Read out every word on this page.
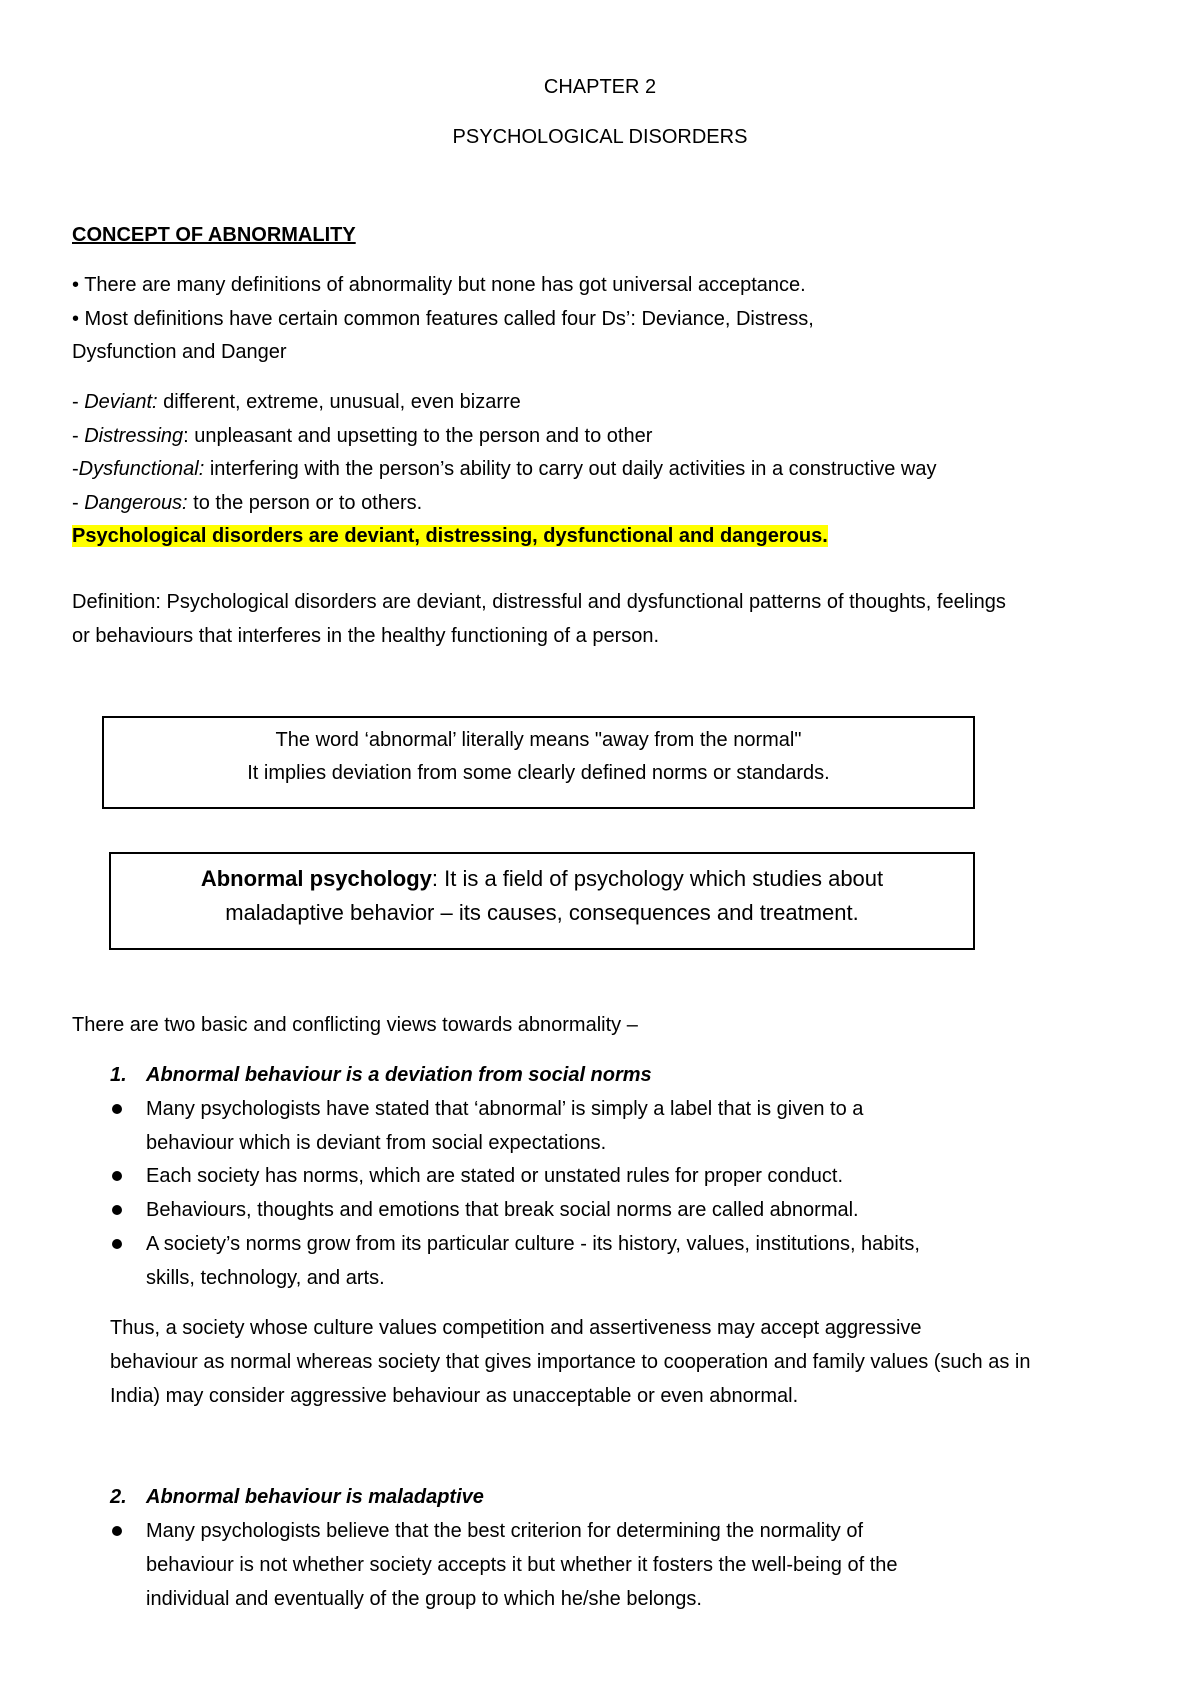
CHAPTER 2
PSYCHOLOGICAL DISORDERS
CONCEPT OF ABNORMALITY
• There are many definitions of abnormality but none has got universal acceptance.
• Most definitions have certain common features called four Ds’: Deviance, Distress,
Dysfunction and Danger
- Deviant: different, extreme, unusual, even bizarre
- Distressing: unpleasant and upsetting to the person and to other
-Dysfunctional: interfering with the person’s ability to carry out daily activities in a constructive way
- Dangerous: to the person or to others.
Psychological disorders are deviant, distressing, dysfunctional and dangerous.
Definition: Psychological disorders are deviant, distressful and dysfunctional patterns of thoughts, feelings
or behaviours that interferes in the healthy functioning of a person.
The word ‘abnormal’ literally means "away from the normal"
It implies deviation from some clearly defined norms or standards.
Abnormal psychology: It is a field of psychology which studies about
maladaptive behavior – its causes, consequences and treatment.
There are two basic and conflicting views towards abnormality –
1. Abnormal behaviour is a deviation from social norms
Many psychologists have stated that ‘abnormal’ is simply a label that is given to a
behaviour which is deviant from social expectations.
Each society has norms, which are stated or unstated rules for proper conduct.
Behaviours, thoughts and emotions that break social norms are called abnormal.
A society’s norms grow from its particular culture - its history, values, institutions, habits,
skills, technology, and arts.
Thus, a society whose culture values competition and assertiveness may accept aggressive
behaviour as normal whereas society that gives importance to cooperation and family values (such as in
India) may consider aggressive behaviour as unacceptable or even abnormal.
2. Abnormal behaviour is maladaptive
Many psychologists believe that the best criterion for determining the normality of
behaviour is not whether society accepts it but whether it fosters the well-being of the
individual and eventually of the group to which he/she belongs.
